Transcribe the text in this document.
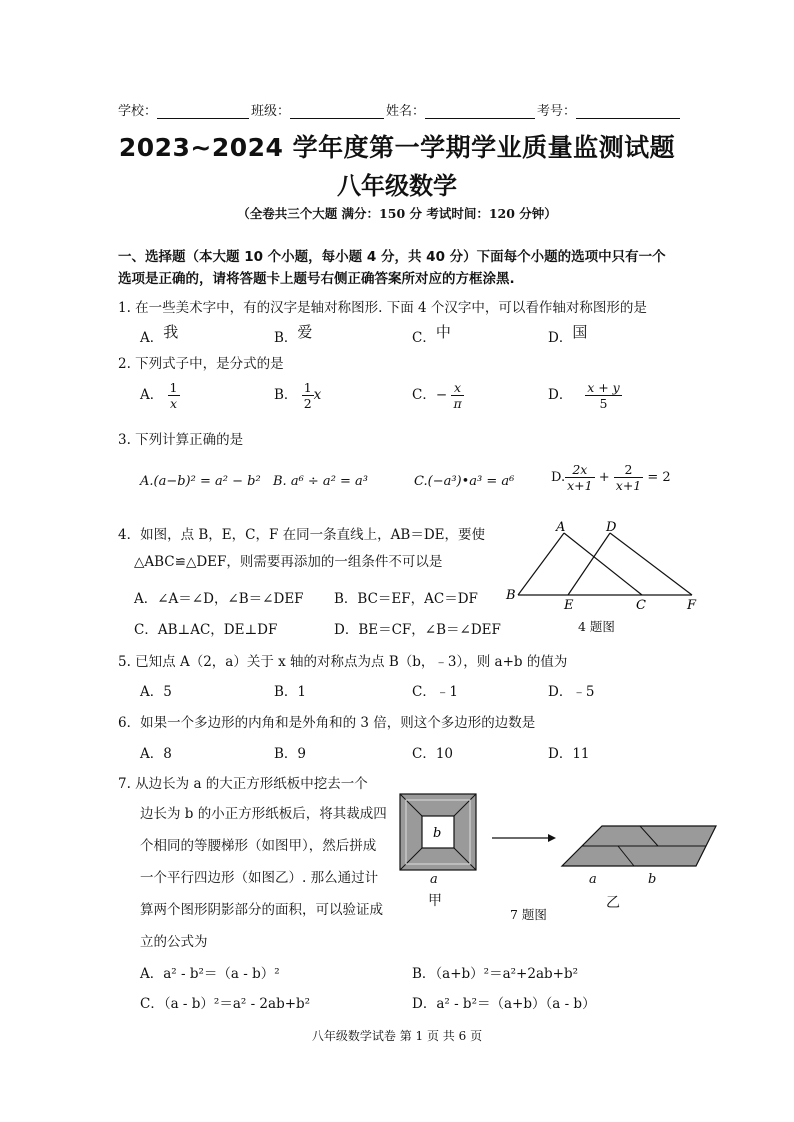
学校：	班级：	姓名：	考号：
2023~2024 学年度第一学期学业质量监测试题
八年级数学
（全卷共三个大题 满分：150 分 考试时间：120 分钟）
一、选择题（本大题 10 个小题，每小题 4 分，共 40 分）下面每个小题的选项中只有一个
选项是正确的，请将答题卡上题号右侧正确答案所对应的方框涂黑.
1. 在一些美术字中，有的汉字是轴对称图形. 下面 4 个汉字中，可以看作轴对称图形的是
A．我	B．爱	C．中	D．国
2. 下列式子中，是分式的是
A． $\frac{1}{x}$	B． $\frac{1}{2}$ x	C．− $\frac{x}{\pi}$	D． $\frac{x + y}{5}$
3. 下列计算正确的是
A.(a−b)² = a² − b² B. a⁶ ÷ a² = a³	C.(−a³)•a³ = a⁶	D. $\frac{2x}{x+1} + \frac{2}{x+1} = 2$
4．如图，点 B，E，C，F 在同一条直线上，AB＝DE，要使
△ABC≌△DEF，则需要再添加的一组条件不可以是
A．∠A＝∠D，∠B＝∠DEF B．BC＝EF，AC＝DF
C．AB⊥AC，DE⊥DF	D．BE＝CF，∠B＝∠DEF
A	D
B
E	C	F
4 题图
5. 已知点 A（2，a）关于 x 轴的对称点为点 B（b，﹣3），则 a+b 的值为
A．5	B．1	C．﹣1	D．﹣5
6．如果一个多边形的内角和是外角和的 3 倍，则这个多边形的边数是
A．8	B．9	C．10	D．11
7. 从边长为 a 的大正方形纸板中挖去一个
边长为 b 的小正方形纸板后，将其裁成四
个相同的等腰梯形（如图甲），然后拼成
一个平行四边形（如图乙）. 那么通过计
算两个图形阴影部分的面积，可以验证成
立的公式为
b
a
甲
a	b
7 题图
乙
A．a² ‐ b²＝（a ‐ b）²	B．（a+b）²＝a²+2ab+b²
C．（a ‐ b）²＝a² ‐ 2ab+b²	D．a² ‐ b²＝（a+b）（a ‐ b）
八年级数学试卷 第 1 页 共 6 页
